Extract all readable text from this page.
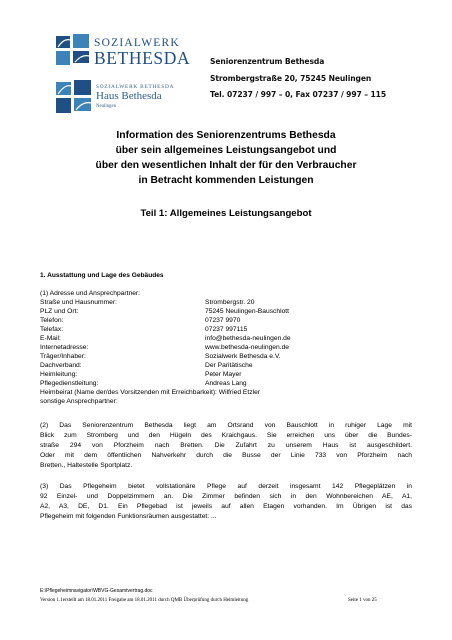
SOZIALWERK
BETHESDA
SOZIALWERK BETHESDA
Haus Bethesda
Neulingen
Seniorenzentrum Bethesda
Strombergstraße 20, 75245 Neulingen
Tel. 07237 / 997 – 0, Fax 07237 / 997 – 115
Information des Seniorenzentrums Bethesda
über sein allgemeines Leistungsangebot und
über den wesentlichen Inhalt der für den Verbraucher
in Betracht kommenden Leistungen
Teil 1: Allgemeines Leistungsangebot
1. Ausstattung und Lage des Gebäudes
(1) Adresse und Ansprechpartner:
Straße und Hausnummer:	Strombergstr. 20
PLZ und Ort:	75245 Neulingen-Bauschlott
Telefon:	07237 9970
Telefax:	07237 997115
E-Mail:	info@bethesda-neulingen.de
Internetadresse:	www.bethesda-neulingen.de
Träger/Inhaber:	Sozialwerk Bethesda e.V.
Dachverband:	Der Paritätische
Heimleitung:	Peter Mayer
Pflegedienstleitung:	Andreas Lang
Heimbeirat (Name der/des Vorsitzenden mit Erreichbarkeit): Wilfried Etzler
sonstige Ansprechpartner:
(2) Das Seniorenzentrum Bethesda liegt am Ortsrand von Bauschlott in ruhiger Lage mit
Blick zum Stromberg und den Hügeln des Kraichgaus. Sie erreichen uns über die Bundes-
straße 294 von Pforzheim nach Bretten. Die Zufahrt zu unserem Haus ist ausgeschildert.
Oder mit dem öffentlichen Nahverkehr durch die Busse der Linie 733 von Pforzheim nach
Bretten., Haltestelle Sportplatz.
(3) Das Pflegeheim bietet vollstationäre Pflege auf derzeit insgesamt 142 Pflegeplätzen in
92 Einzel- und Doppelzimmern an. Die Zimmer befinden sich in den Wohnbereichen AE, A1,
A2, A3, DE, D1. Ein Pflegebad ist jeweils auf allen Etagen vorhanden. Im Übrigen ist das
Pflegeheim mit folgenden Funktionsräumen ausgestattet: ...
E:\Pflegeheimnavigator\WBVG-Gesamtvertrag.doc
Version 1.1erstellt am 18.01.2011 Freigabe am 18.01.2011 durch QMB Überprüfung durch Heimleitung	Seite 1 von 25
